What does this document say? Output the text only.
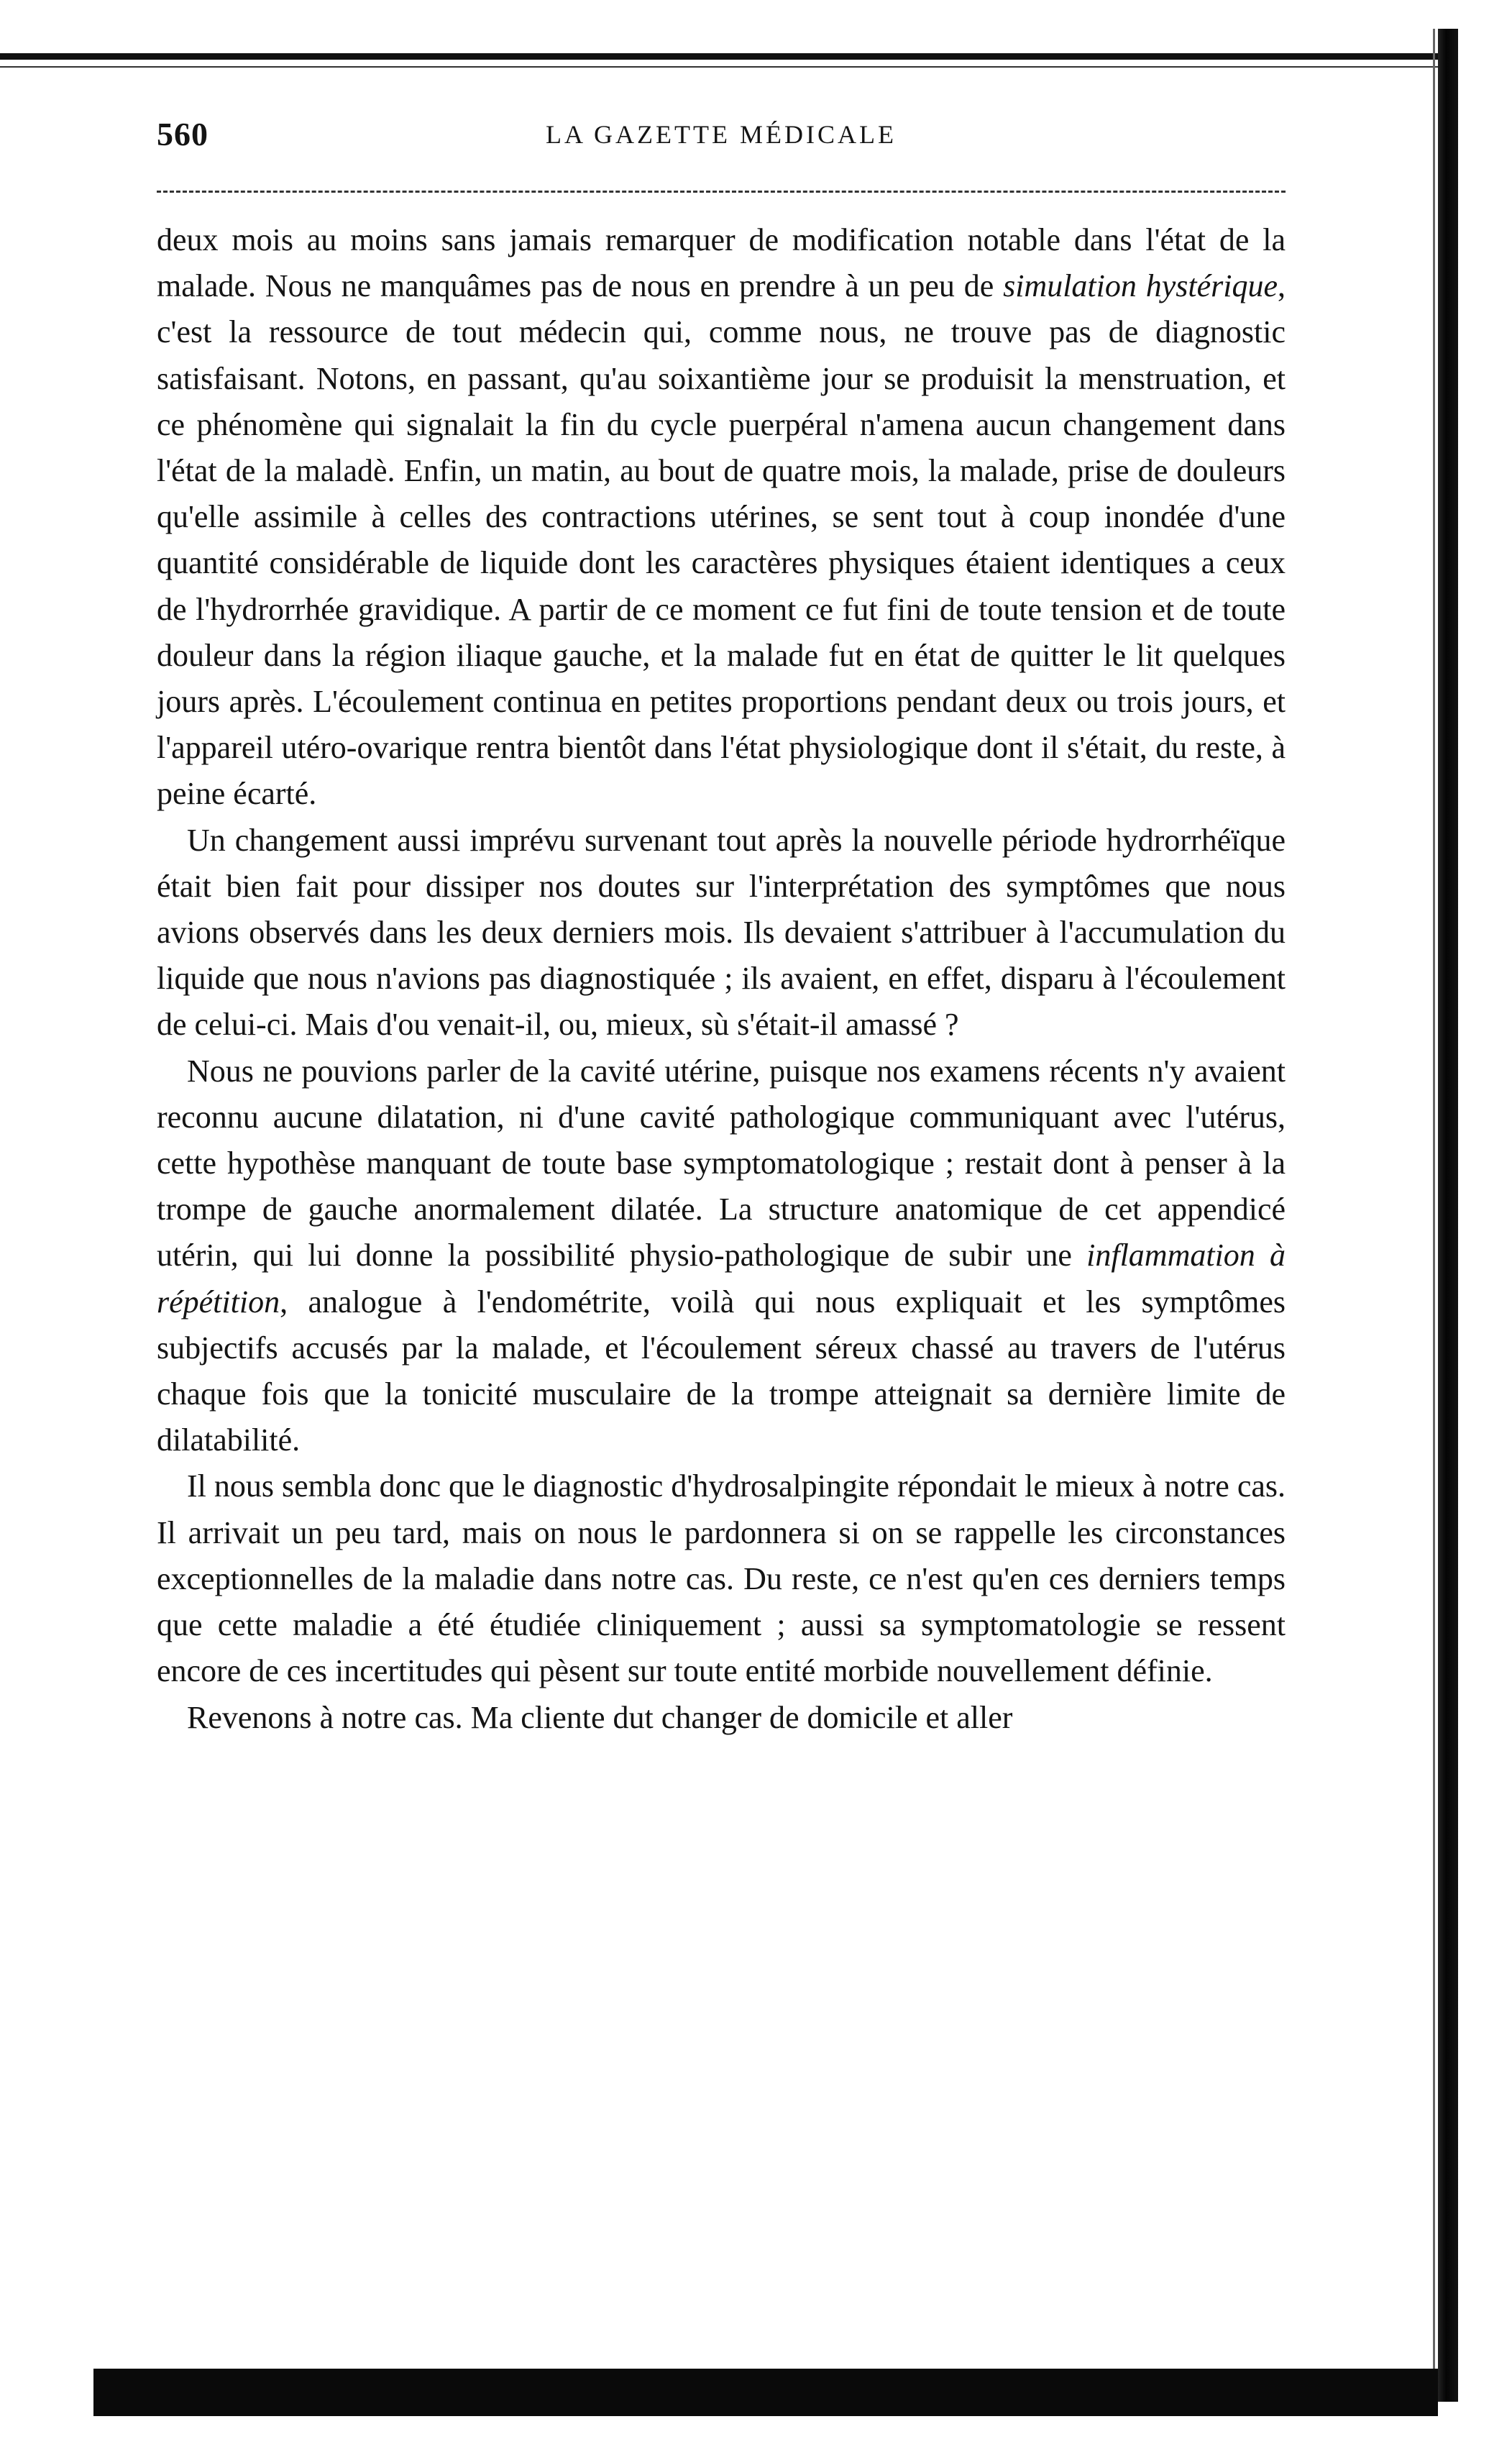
560	LA GAZETTE MÉDICALE

deux mois au moins sans jamais remarquer de modification notable dans l'état de la malade. Nous ne manquâmes pas de nous en prendre à un peu de simulation hystérique, c'est la ressource de tout médecin qui, comme nous, ne trouve pas de diagnostic satisfaisant. Notons, en passant, qu'au soixantième jour se produisit la menstruation, et ce phénomène qui signalait la fin du cycle puerpéral n'amena aucun changement dans l'état de la maladè. Enfin, un matin, au bout de quatre mois, la malade, prise de douleurs qu'elle assimile à celles des contractions utérines, se sent tout à coup inondée d'une quantité considérable de liquide dont les caractères physiques étaient identiques a ceux de l'hydrorrhée gravidique. A partir de ce moment ce fut fini de toute tension et de toute douleur dans la région iliaque gauche, et la malade fut en état de quitter le lit quelques jours après. L'écoulement continua en petites proportions pendant deux ou trois jours, et l'appareil utéro-ovarique rentra bientôt dans l'état physiologique dont il s'était, du reste, à peine écarté.

Un changement aussi imprévu survenant tout après la nouvelle période hydrorrhéïque était bien fait pour dissiper nos doutes sur l'interprétation des symptômes que nous avions observés dans les deux derniers mois. Ils devaient s'attribuer à l'accumulation du liquide que nous n'avions pas diagnostiquée ; ils avaient, en effet, disparu à l'écoulement de celui-ci. Mais d'ou venait-il, ou, mieux, sù s'était-il amassé ?

Nous ne pouvions parler de la cavité utérine, puisque nos examens récents n'y avaient reconnu aucune dilatation, ni d'une cavité pathologique communiquant avec l'utérus, cette hypothèse manquant de toute base symptomatologique ; restait dont à penser à la trompe de gauche anormalement dilatée. La structure anatomique de cet appendicé utérin, qui lui donne la possibilité physio-pathologique de subir une inflammation à répétition, analogue à l'endométrite, voilà qui nous expliquait et les symptômes subjectifs accusés par la malade, et l'écoulement séreux chassé au travers de l'utérus chaque fois que la tonicité musculaire de la trompe atteignait sa dernière limite de dilatabilité.

Il nous sembla donc que le diagnostic d'hydrosalpingite répondait le mieux à notre cas. Il arrivait un peu tard, mais on nous le pardonnera si on se rappelle les circonstances exceptionnelles de la maladie dans notre cas. Du reste, ce n'est qu'en ces derniers temps que cette maladie a été étudiée cliniquement ; aussi sa symptomatologie se ressent encore de ces incertitudes qui pèsent sur toute entité morbide nouvellement définie.

Revenons à notre cas. Ma cliente dut changer de domicile et aller
